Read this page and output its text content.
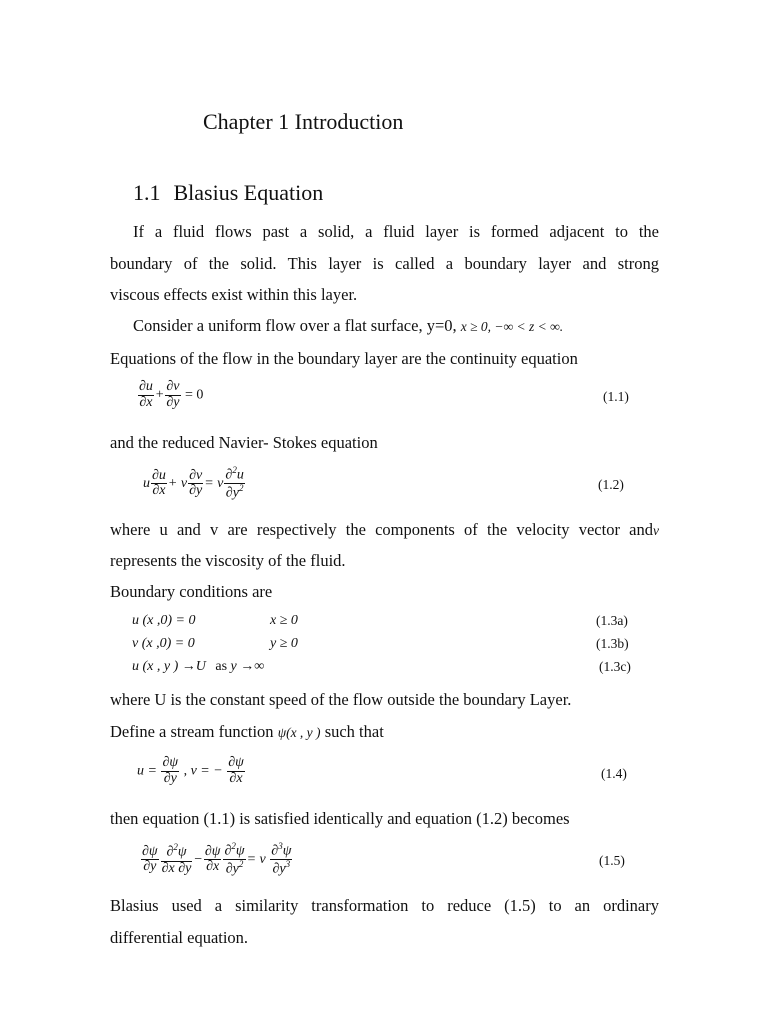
Chapter 1 Introduction
1.1 Blasius Equation
If a fluid flows past a solid, a fluid layer is formed adjacent to the
boundary of the solid. This layer is called a boundary layer and strong
viscous effects exist within this layer.
Consider a uniform flow over a flat surface, y=0, x ≥ 0, −∞ < z < ∞.
Equations of the flow in the boundary layer are the continuity equation
$\frac{\partial u}{\partial x} + \frac{\partial v}{\partial y} = 0$	(1.1)
and the reduced Navier- Stokes equation
u $\frac{\partial u}{\partial x} + v \frac{\partial v}{\partial y} = \nu \frac{\partial^2u}{\partial y^2}$	(1.2)
where u and v are respectively the components of the velocity vector andν
represents the viscosity of the fluid.
Boundary conditions are
u (x ,0) = 0	x ≥ 0	(1.3a)
v (x ,0) = 0	y ≥ 0	(1.3b)
u (x , y ) →U as y →∞	(1.3c)
where U is the constant speed of the flow outside the boundary Layer.
Define a stream function ψ(x , y ) such that
$u = \frac{\partial\psi}{\partial y}$ , v = − $\frac{\partial\psi}{\partial x}$	(1.4)
then equation (1.1) is satisfied identically and equation (1.2) becomes
$\frac{\partial\psi}{\partial y} \frac{\partial^2\psi}{\partial x \partial y} - \frac{\partial\psi}{\partial x} \frac{\partial^2\psi}{\partial y^2} = \nu \frac{\partial^3\psi}{\partial y^3}$	(1.5)
Blasius used a similarity transformation to reduce (1.5) to an ordinary
differential equation.
